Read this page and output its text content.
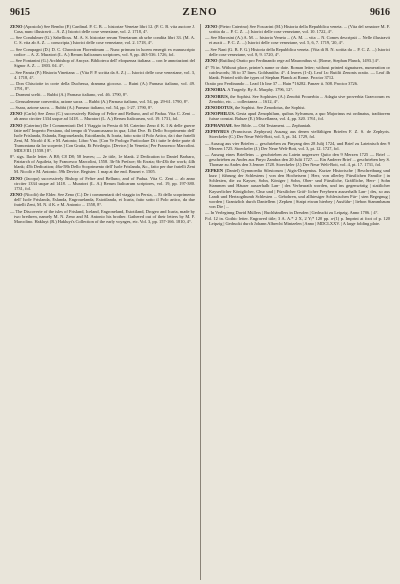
9615	ZENO	9616

ZENO (Apostolo) See Bembo (P.) Cardinal. P. C. B. ... historiae Venetae libri 12. (P. C. B. vita auctore J. Casa, nunc illustravit ... A. Z.) Istorici delle cose veneziane, vol. 2. 1718, 4°.

— See Condulmer (G.) Sabellicus. M. A. S. historiae rerum Venetarum ab urbe condita libri 33. (M. A. C. S. vita ab A. Z. ... conscripta.) Istorici delle cose veneziane, vol. 2. 1718, 4°.

— See Compagni (D.) D. C. Chronicon Florentinum ... Nunc primum in lucem emergit ex manuscripto codice ... A. Z. Muratori (L. A.) Rerum Italicarum scriptores, vol. 9, pp. 463-536. 1726, fol.

— See Fontanini (G.) Archbishop of Ancyra. Biblioteca dell' eloquenza italiana ... con le annotazioni del Signor A. Z. ... 1803. 04. 4°.

— See Paruta (P.) Historia Vinetiana ... (Vita P. P. scritta da A. Z.) ... Istorici delle cose veneziane, vol. 3, 4. 1718, 4°.

— Don Chisciotte in corte della Duchessa, dramma giocoso. ... Ruini (A.) Parnaso italiano, vol. 49. 1791, 8°.

— Drammi scelti. ... Rubbi (A.) Parnaso italiano, vol. 46. 1790, 8°.

— Gerusalemme convertita, azione sacra. ... Rubbi (A.) Parnaso italiano, vol. 54, pp. 29-61. 1790, 8°.

— Ssara, azione sacra. ... Rubbi (A.) Parnaso italiano, vol. 54, pp. 1-27. 1790, 8°.

ZENO (Carlo) See Zeno (C.) successively Bishop of Feltre and Belluno, and of Padua. Vita C. Zeni ... ab anno circiter 1334 usque ad 1418. ... Muratori (L. A.) Rerum Italicarum, vol. 19. 1731, fol.

ZENO (Caterino) De I Commentarii Del I Viaggio in Persia di M. Caterino Zeno il K. I & delle guerre fatte nell' Imperio Persiano, dal tempo di Vssuncassano in qua; Libri Dve. Et Dello Scoprimento dell' Isole Frislanda, Eslanda, Engrouelanda, Estotilanda, & Icaria, fatto sotto il Polo Artico, da i due fratelli Zeni, M. Nicolò il K. e M. Antonio; Libro Vno. [Con Ve Prologo Particolare Di i tutte le dette parte di Tramontana da lor scoperte.] Con Gratia, Et Privilegio. [Device.] In Venetia | Per Francesco Marcolini. MDLVIII. [1558.] 8°.

8°. sigs. Ilacle letter. A B8; C8 D8; 58 leaves; — 2e title, 1e blank. 2 Dedication to Daniel Barbaro, Patriarch of Aquileia, by Francesco Marcolini, 1558. 3b-5b Preface; 6b Errata; 6b-43b the work; 44b blank; 45b Dedication; 46a-58b Dello Scoprimento dell' Isole Frislanda, &c., fatto per due fratelli Zeni M. Nicolò e M. Antonio. 59b Device. Register. 1 map at the end. Brunet v. 1505.

ZENO (Jacopo) successively Bishop of Feltre and Belluno, and of Padua. Vita C. Zeni ... ab anno circiter 1334 usque ad 1418. ... Muratori (L. A.) Rerum Italicarum scriptores, vol. 19, pp. 197-380. 1731, fol.

ZENO (Nicolò) the Elder. See Zeno (C.) De i commentarii del viaggio in Persia, ... Et dello scoprimento dell' Isole Frislanda, Eslanda, Engrouelanda, Estotilanda, et Icaria, fatto sotto il Polo artico, da due fratelli Zeni, M. N. il K. e M. Antonio ... 1558, 8°.

— The Discoverie of the isles of Frisland, Iceland, Engroneland, Estotiland, Drogeo and Icaria, made by two brethren, namely M. N. Zeno and M. Antonio his brother. Gathered out of their letters by M. F. Marcolino. Hakluyt (R.) Hakluyt's Collection of the early voyages, etc. Vol. 3, pp. 157-166. 1810, 4°.

ZENO (Pietro Caterino) See Foscarini (M.) Historia della Repubblica veneta. ... (Vita del senatore M. F. scritta da ... P. C. Z. ...) Istorici delle cose veneziane, vol. 10. 1722, 4°.

— See Morosini (A.) A. M. ... historia Veneta ... (A. M. ... vita ... N. Comes descripsit ... Nelle illustravit et auxit ... P. C. Z. ...) Istorici delle cose veneziane, vol. 5, 6, 7. 1719, '20, 4°.

— See Nani (G. B. F. G.) Historia della Repubblica veneta. (Vita di B. N. scritta da ... P. C. Z. ...) Istorici delle cose veneziane, vol. 8, 9. 1720, 4°.

ZENO (Rutilius) Oratio pro Ferdinando rege ad Mauronibus vi. [Rome, Stephan Planck, 1493.] 4°.

4° 76 in. Without place, printer's name or date. Roman letter; without printed signatures, numeration or catchwords; 36 to 37 lines. Goldsmiths: 4°. 4 leaves (1-4). Leaf 1a: Rutilii Zenonis oratio. — Leaf 4b blank. Printed with the types of Stephan Planck at Rome. Proctor 3712.

Oratio pro Ferdinando ... Lead 1b line 37 ... Hain *16282. Panzer ii. 508. Proctor 3726.

ZENOBIA. A Tragedy. By A. Murphy. 1796, 12°.

ZENOBIUS, the Sophist. See Sophistes (A.) Zenobii Prouerbia ... Adagia sive proverbia Graecorum ex Zenobio, etc. ... collectanea ... 1612, 4°.

ZENODOTUS, the Sophist. See Zenodotus, the Sophist.

ZENOPHILUS. Gesta apud Zenophilum, quibus Sylvanum, a quo Majorinus est ordinatus, traditorem fuisse constat. Baluze (E.) Miscellanea, vol. 4, pp. 320. 1761, fol.

ZEPHANIAH. See Bible. — Old Testament. — Zephaniah.

ZEPHYRUS (Franciscus Zephyrus) Auszug aus denen vielfältigen Briefen F. Z. S. de Zephyris. Stoeckeler (C.) Der Neue Welt-Bott, vol. 5, pt. 34. 1729, fol.

— Auszug aus vier Briefen ... geschrieben zu Pinyang den 28 Julij 1724, und Brief zu Lateinisch den 9 Merzen 1725. Stoeckeler (J.) Der Neue Welt-Bott, vol. 3, pt. 12. 1727, fol.

— Auszug eines Briefleins ... geschrieben zu Latein ungezwer Quito den 9 Merzen 1725 — Brief ... geschrieben zu Andes aus Pinyo Zambra den 20 Julii 1727. — Ein Anderer Brief ... geschrieben bey S. Thomae zu Andes den 3 Jenner 1728. Stoeckeler (J.) Der Neue Welt-Bott, vol. 4, pt. 17. 1731, fol.

ZEPKEN (Daniel) Gymnoedia Silesiorum | Aigis-Dregenius. Kurtze Historische | Beschreibung und kurz | führung der Schlesiens | von den Hocheisern | Herr, von allerley Fürstlichen Familie | in Schlesien, die zu Kayser, Sohn, Königer | Sohn, Ober- und Fürstliche, Gräffliche, Herr- | Sohn Stammen und Häuser ausserhalb Lan- | des Verheurath worden, und ins gegenwärtig | stattlicher Kayserlicher Königlicher, Chur und | Fürstlicher Gräf- licher Freyherrn ausserhalb Lan- | des, so aus Landt und Hertzogthumb Schlesien ... Gebohren, und allhiesiger Schlesischen Für- | sten Begegnug | worden | Grantzlich durch Daniellem | Zepken | Statpt etwan hierbey | Ausführ- | liebon Stammbaum von Die | ...

— In Verleginng David Müllers | Buchhändlers in Dresden | Gedruckt zu Leipzig. Anno 1706. | 4°.

Fol. 12 in. Gothic letter. Engraved title; 3 A. A.* 2 X, 2 Y;* 120 pp. a-(1) p. Imprint at foot of p. 120 Leipzig | Gedruckt durch Johann Albrecht Mintzelen | Anno | MDCLXXV. | A large folding plate.
